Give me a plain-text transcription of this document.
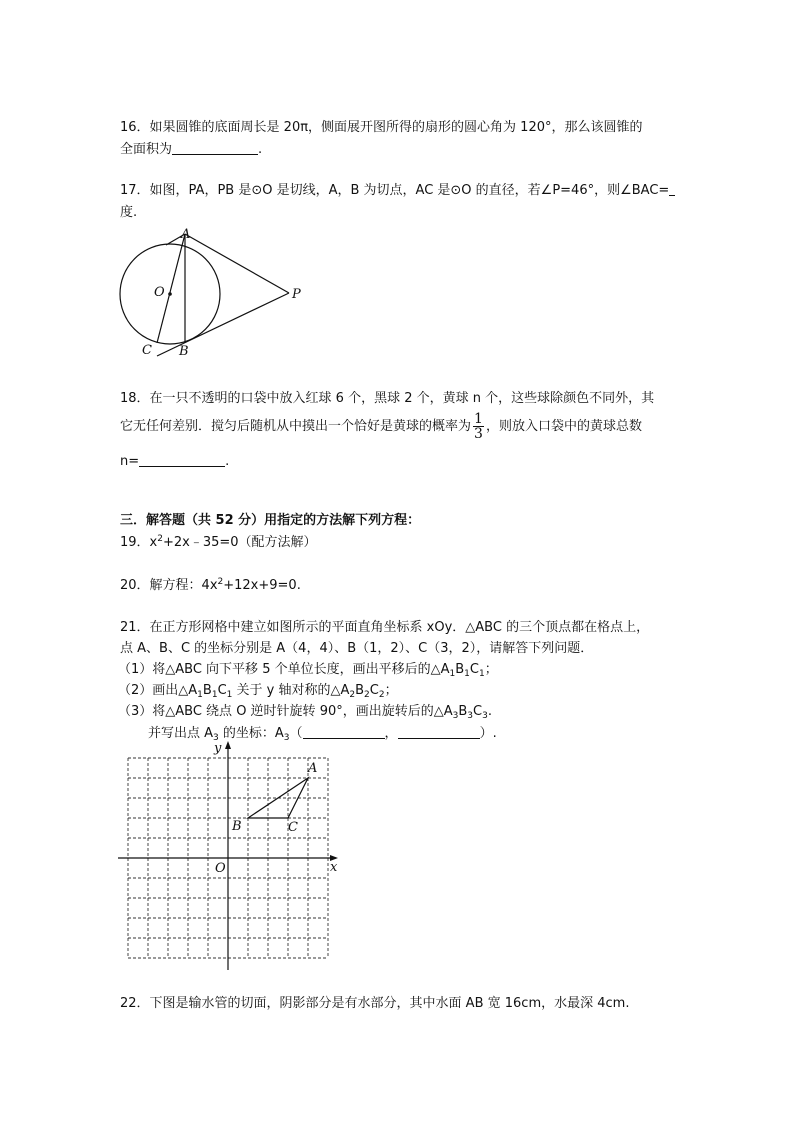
16．如果圆锥的底面周长是 20π，侧面展开图所得的扇形的圆心角为 120°，那么该圆锥的
全面积为	.
17．如图，PA，PB 是⊙O 是切线，A，B 为切点，AC 是⊙O 的直径，若∠P=46°，则∠BAC=
度.
A
O	P
C B
18．在一只不透明的口袋中放入红球 6 个，黑球 2 个，黄球 n 个，这些球除颜色不同外，其
它无任何差别．搅匀后随机从中摸出一个恰好是黄球的概率为 $\frac{1}{3}$ ，则放入口袋中的黄球总数
n=	.
三．解答题（共 52 分）用指定的方法解下列方程：
19．$x^2+2x﹣35=0$（配方法解）
20．解方程：$4x^2+12x+9=0$.
21．在正方形网格中建立如图所示的平面直角坐标系 xOy．△ABC 的三个顶点都在格点上，
点 A、B、C 的坐标分别是 A（4，4）、B（1，2）、C（3，2），请解答下列问题．
（1）将△ABC 向下平移 5 个单位长度，画出平移后的$\triangle A_1B_1C_1$；
（2）画出$\triangle A_1B_1C_1$ 关于 y 轴对称的$\triangle A_2B_2C_2$；
（3）将△ABC 绕点 O 逆时针旋转 90°，画出旋转后的$\triangle A_3B_3C_3$.
并写出点 $A_3$ 的坐标：$A_3$（	，	）.
y
x
O
A
B	C
22．下图是输水管的切面，阴影部分是有水部分，其中水面 AB 宽 16cm，水最深 4cm.
